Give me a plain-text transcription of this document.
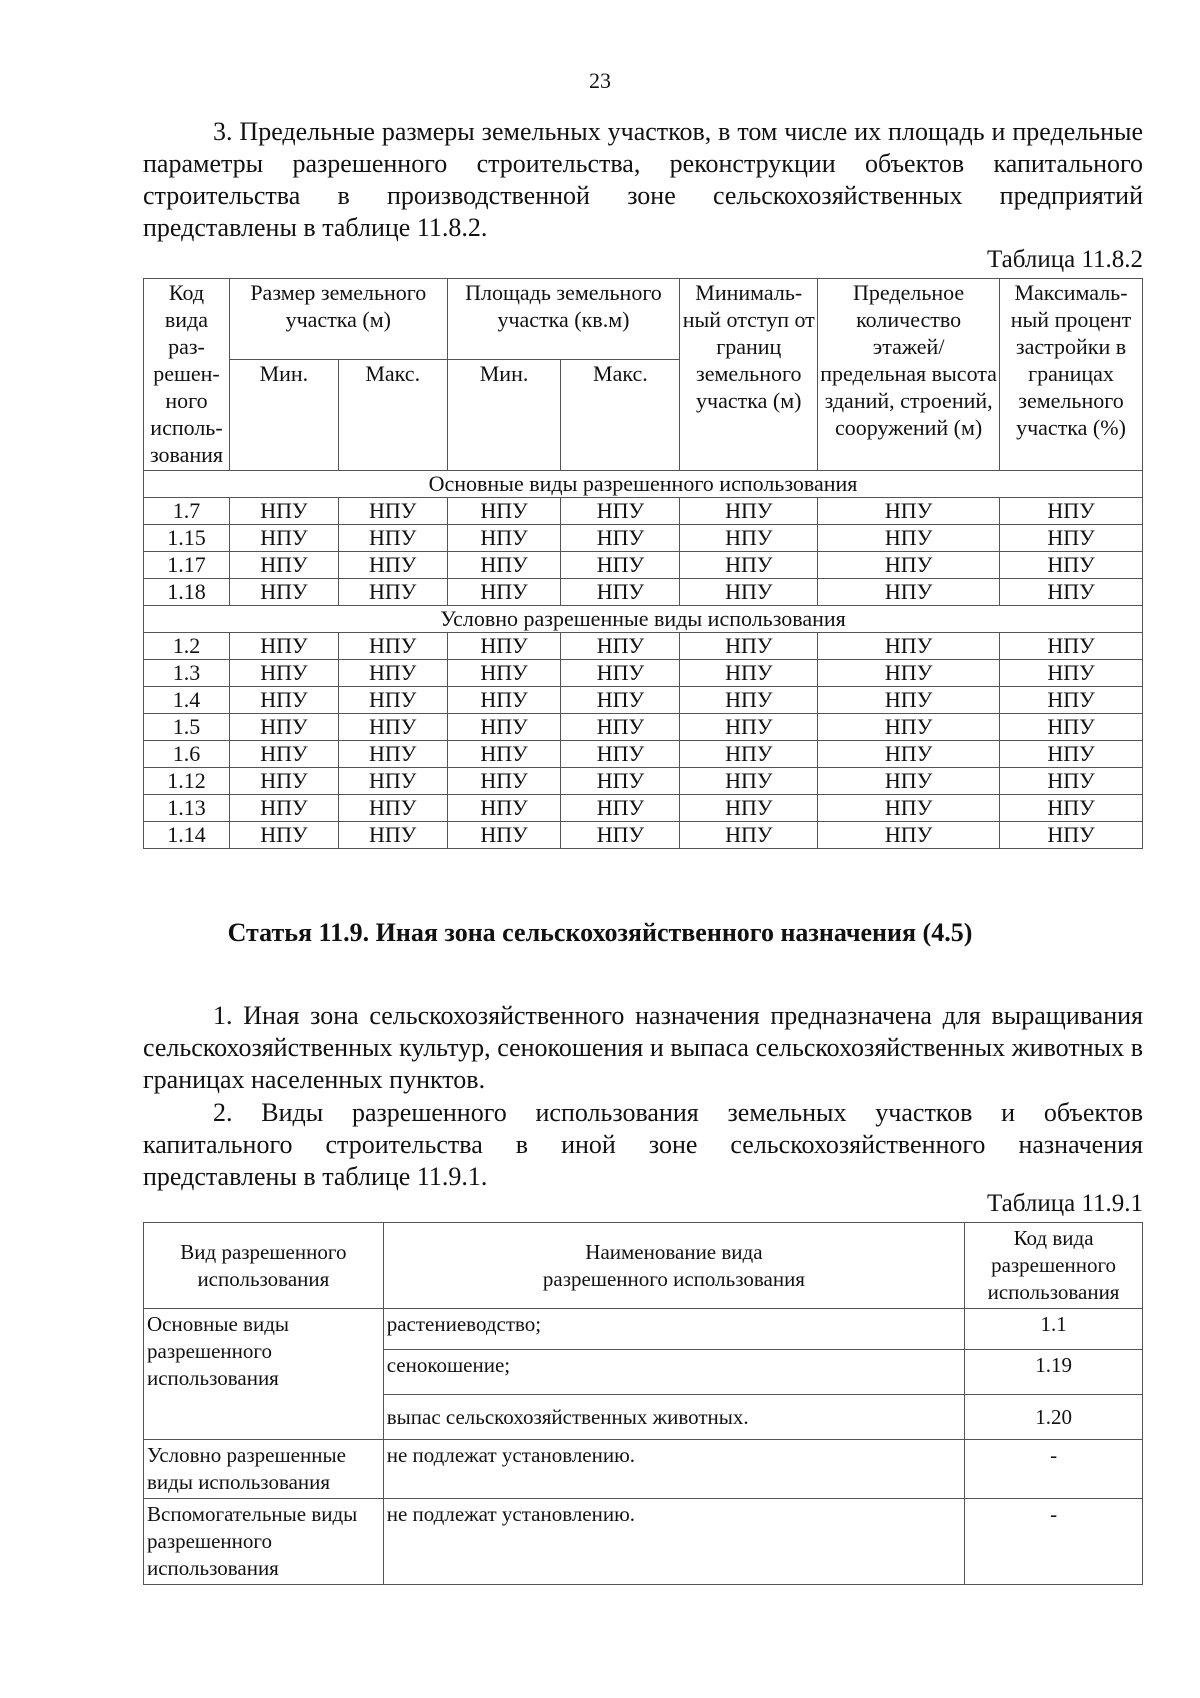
23
3. Предельные размеры земельных участков, в том числе их площадь и предельные параметры разрешенного строительства, реконструкции объектов капитального строительства в производственной зоне сельскохозяйственных предприятий представлены в таблице 11.8.2.
Таблица 11.8.2
Код вида раз-решен-ного исполь-зования	Размер земельного участка (м)		Площадь земельного участка (кв.м)		Минималь-ный отступ от границ земельного участка (м)	Предельное количество этажей/ предельная высота зданий, строений, сооружений (м)	Максималь-ный процент застройки в границах земельного участка (%)
	Мин.	Макс.	Мин.	Макс.			
Основные виды разрешенного использования							
1.7	НПУ	НПУ	НПУ	НПУ	НПУ	НПУ	НПУ
1.15	НПУ	НПУ	НПУ	НПУ	НПУ	НПУ	НПУ
1.17	НПУ	НПУ	НПУ	НПУ	НПУ	НПУ	НПУ
1.18	НПУ	НПУ	НПУ	НПУ	НПУ	НПУ	НПУ
Условно разрешенные виды использования							
1.2	НПУ	НПУ	НПУ	НПУ	НПУ	НПУ	НПУ
1.3	НПУ	НПУ	НПУ	НПУ	НПУ	НПУ	НПУ
1.4	НПУ	НПУ	НПУ	НПУ	НПУ	НПУ	НПУ
1.5	НПУ	НПУ	НПУ	НПУ	НПУ	НПУ	НПУ
1.6	НПУ	НПУ	НПУ	НПУ	НПУ	НПУ	НПУ
1.12	НПУ	НПУ	НПУ	НПУ	НПУ	НПУ	НПУ
1.13	НПУ	НПУ	НПУ	НПУ	НПУ	НПУ	НПУ
1.14	НПУ	НПУ	НПУ	НПУ	НПУ	НПУ	НПУ
Статья 11.9. Иная зона сельскохозяйственного назначения (4.5)
1. Иная зона сельскохозяйственного назначения предназначена для выращивания сельскохозяйственных культур, сенокошения и выпаса сельскохозяйственных животных в границах населенных пунктов.
2. Виды разрешенного использования земельных участков и объектов капитального строительства в иной зоне сельскохозяйственного назначения представлены в таблице 11.9.1.
Таблица 11.9.1
Вид разрешенного использования	Наименование вида разрешенного использования	Код вида разрешенного использования
Основные виды разрешенного использования	растениеводство;	1.1
	сенокошение;	1.19
	выпас сельскохозяйственных животных.	1.20
Условно разрешенные виды использования	не подлежат установлению.	-
Вспомогательные виды разрешенного использования	не подлежат установлению.	-
